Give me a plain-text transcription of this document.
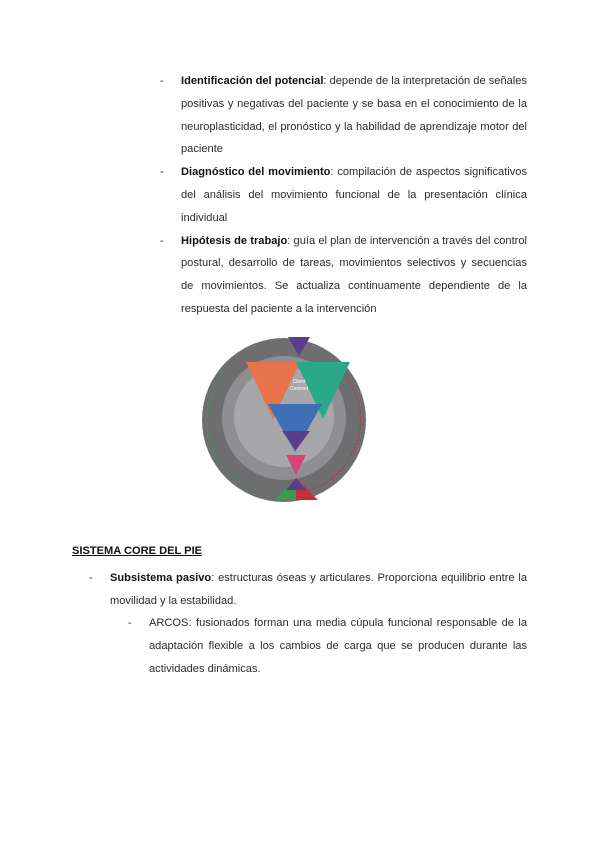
- Identificación del potencial: depende de la interpretación de señales positivas y negativas del paciente y se basa en el conocimiento de la neuroplasticidad, el pronóstico y la habilidad de aprendizaje motor del paciente
- Diagnóstico del movimiento: compilación de aspectos significativos del análisis del movimiento funcional de la presentación clínica individual
- Hipótesis de trabajo: guía el plan de intervención a través del control postural, desarrollo de tareas, movimientos selectivos y secuencias de movimientos. Se actualiza continuamente dependiente de la respuesta del paciente a la intervención
Client
Centred
SISTEMA CORE DEL PIE
- Subsistema pasivo: estructuras óseas y articulares. Proporciona equilibrio entre la movilidad y la estabilidad.
- ARCOS: fusionados forman una media cúpula funcional responsable de la adaptación flexible a los cambios de carga que se producen durante las actividades dinámicas.
